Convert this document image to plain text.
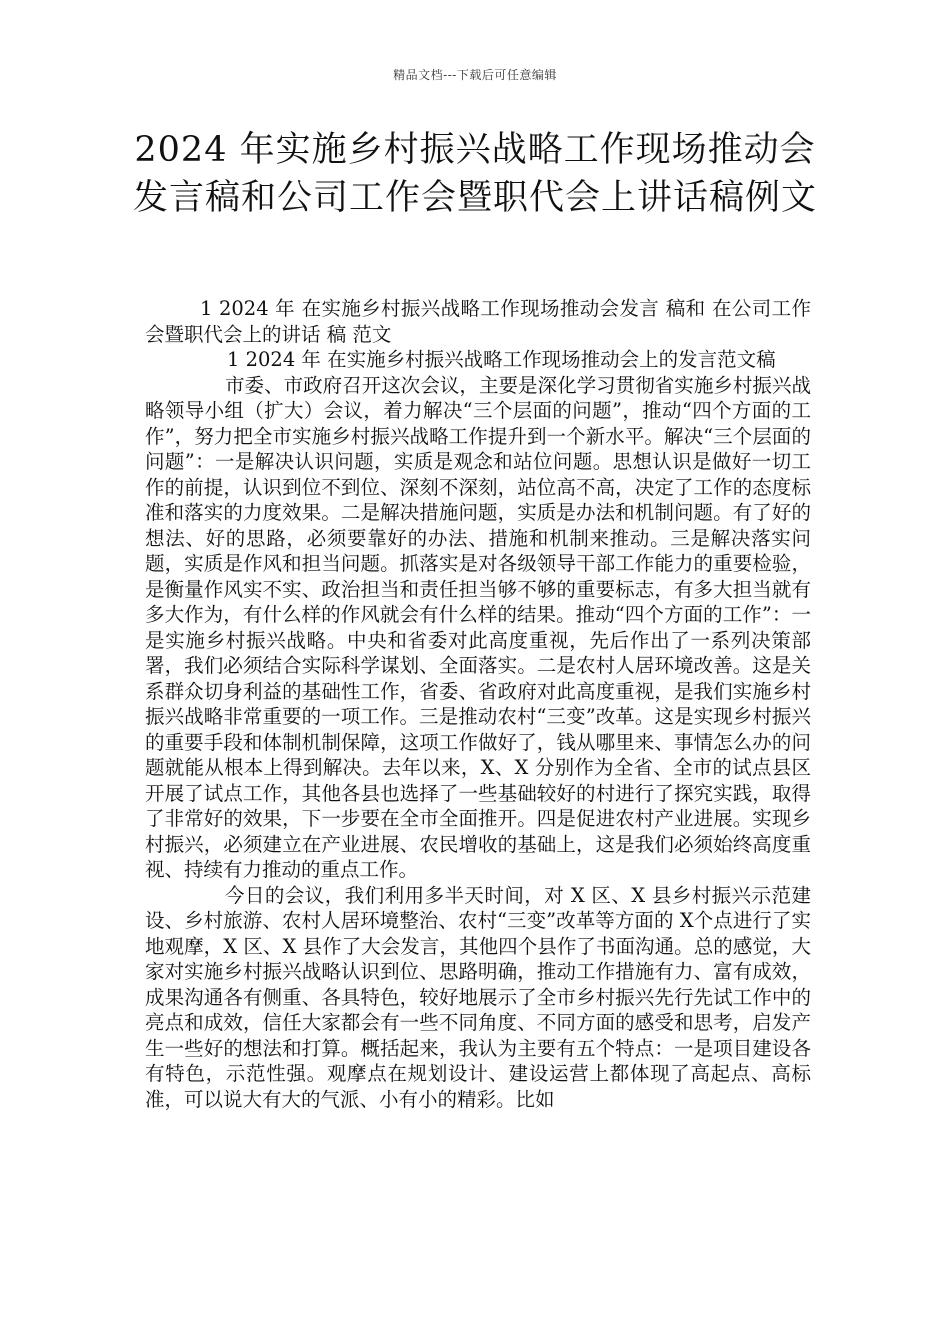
精品文档---下载后可任意编辑
2024 年实施乡村振兴战略工作现场推动会发言稿和公司工作会暨职代会上讲话稿例文

1 2024 年 在实施乡村振兴战略工作现场推动会发言 稿和 在公司工作会暨职代会上的讲话 稿 范文

1 2024 年 在实施乡村振兴战略工作现场推动会上的发言范文稿

市委、市政府召开这次会议，主要是深化学习贯彻省实施乡村振兴战略领导小组（扩大）会议，着力解决“三个层面的问题”，推动“四个方面的工作”，努力把全市实施乡村振兴战略工作提升到一个新水平。解决“三个层面的问题”：一是解决认识问题，实质是观念和站位问题。思想认识是做好一切工作的前提，认识到位不到位、深刻不深刻，站位高不高，决定了工作的态度标准和落实的力度效果。二是解决措施问题，实质是办法和机制问题。有了好的想法、好的思路，必须要靠好的办法、措施和机制来推动。三是解决落实问题，实质是作风和担当问题。抓落实是对各级领导干部工作能力的重要检验，是衡量作风实不实、政治担当和责任担当够不够的重要标志，有多大担当就有多大作为，有什么样的作风就会有什么样的结果。推动“四个方面的工作”：一是实施乡村振兴战略。中央和省委对此高度重视，先后作出了一系列决策部署，我们必须结合实际科学谋划、全面落实。二是农村人居环境改善。这是关系群众切身利益的基础性工作，省委、省政府对此高度重视，是我们实施乡村振兴战略非常重要的一项工作。三是推动农村“三变”改革。这是实现乡村振兴的重要手段和体制机制保障，这项工作做好了，钱从哪里来、事情怎么办的问题就能从根本上得到解决。去年以来，X、X 分别作为全省、全市的试点县区开展了试点工作，其他各县也选择了一些基础较好的村进行了探究实践，取得了非常好的效果，下一步要在全市全面推开。四是促进农村产业进展。实现乡村振兴，必须建立在产业进展、农民增收的基础上，这是我们必须始终高度重视、持续有力推动的重点工作。

今日的会议，我们利用多半天时间，对 X 区、X 县乡村振兴示范建设、乡村旅游、农村人居环境整治、农村“三变”改革等方面的 X个点进行了实地观摩，X 区、X 县作了大会发言，其他四个县作了书面沟通。总的感觉，大家对实施乡村振兴战略认识到位、思路明确，推动工作措施有力、富有成效，成果沟通各有侧重、各具特色，较好地展示了全市乡村振兴先行先试工作中的亮点和成效，信任大家都会有一些不同角度、不同方面的感受和思考，启发产生一些好的想法和打算。概括起来，我认为主要有五个特点：一是项目建设各有特色，示范性强。观摩点在规划设计、建设运营上都体现了高起点、高标准，可以说大有大的气派、小有小的精彩。比如
